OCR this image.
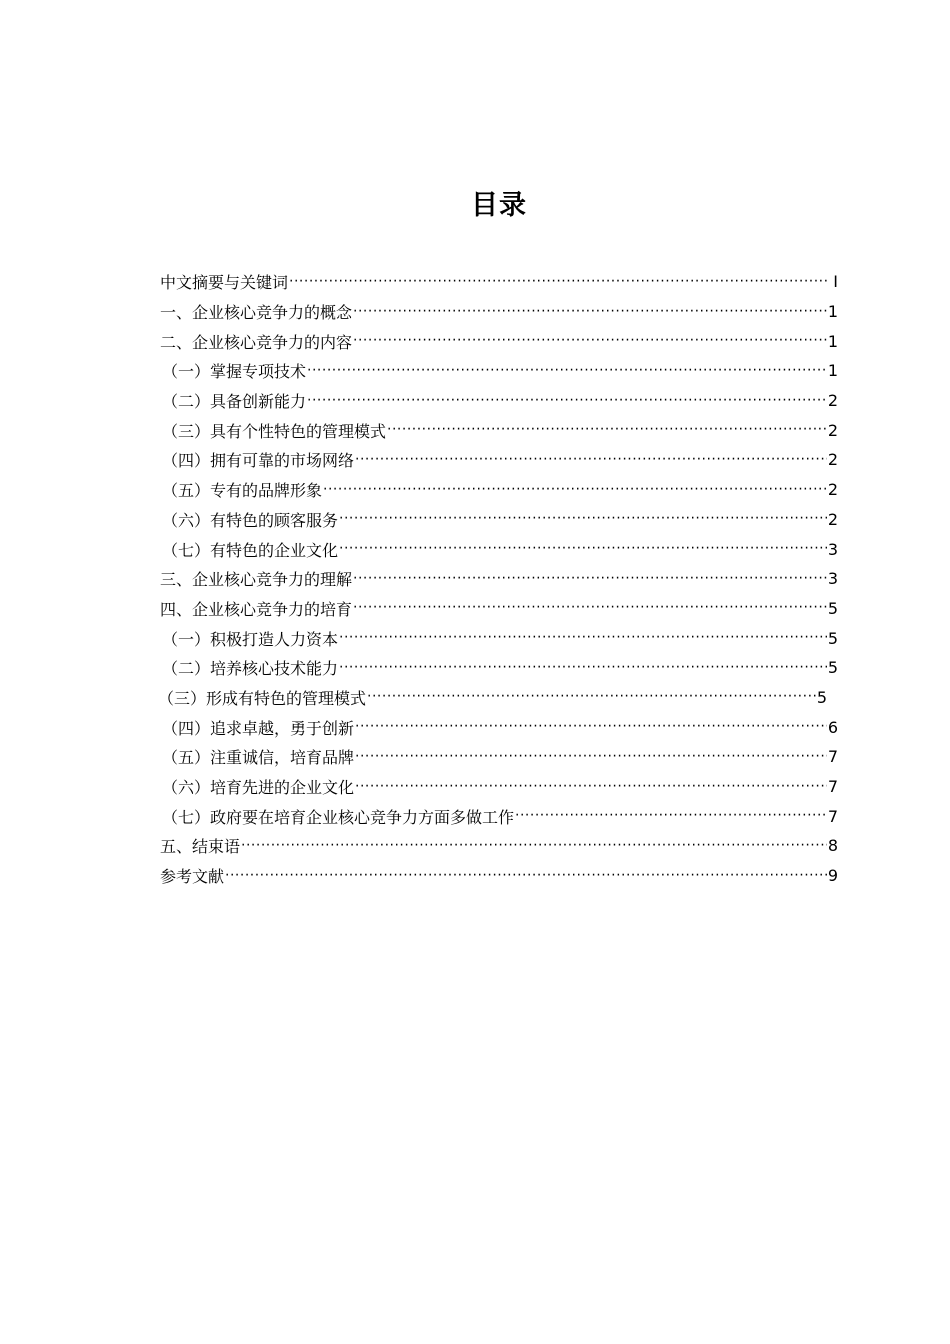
目录
中文摘要与关键词 ·····	I
一、企业核心竞争力的概念 ·····	1
二、企业核心竞争力的内容 ·····	1
（一）掌握专项技术 ·····	1
（二）具备创新能力 ·····	2
（三）具有个性特色的管理模式 ·····	2
（四）拥有可靠的市场网络 ·····	2
（五）专有的品牌形象 ·····	2
（六）有特色的顾客服务 ·····	2
（七）有特色的企业文化 ·····	3
三、企业核心竞争力的理解 ·····	3
四、企业核心竞争力的培育 ·····	5
（一）积极打造人力资本 ·····	5
（二）培养核心技术能力 ·····	5
（三）形成有特色的管理模式 ·····	5
（四）追求卓越，勇于创新 ·····	6
（五）注重诚信，培育品牌 ·····	7
（六）培育先进的企业文化 ·····	7
（七）政府要在培育企业核心竞争力方面多做工作 ·····	7
五、结束语 ·····	8
参考文献 ·····	9
